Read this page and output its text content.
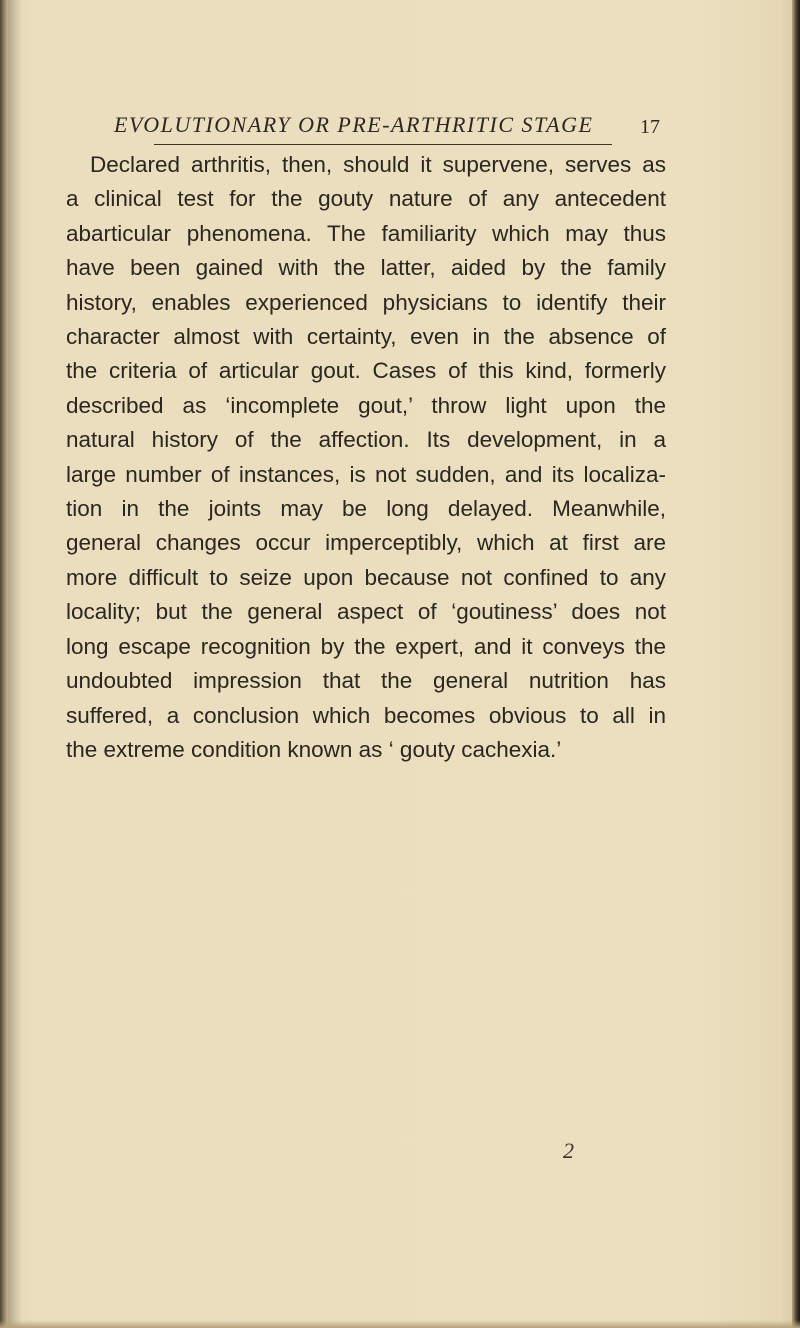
EVOLUTIONARY OR PRE-ARTHRITIC STAGE 17
Declared arthritis, then, should it supervene, serves as
a clinical test for the gouty nature of any antecedent
abarticular phenomena. The familiarity which may thus
have been gained with the latter, aided by the family
history, enables experienced physicians to identify their
character almost with certainty, even in the absence of
the criteria of articular gout. Cases of this kind, formerly
described as ‘incomplete gout,’ throw light upon the
natural history of the affection. Its development, in a
large number of instances, is not sudden, and its localiza-
tion in the joints may be long delayed. Meanwhile,
general changes occur imperceptibly, which at first are
more difficult to seize upon because not confined to any
locality; but the general aspect of ‘goutiness’ does not
long escape recognition by the expert, and it conveys the
undoubted impression that the general nutrition has
suffered, a conclusion which becomes obvious to all in
the extreme condition known as ‘ gouty cachexia.’
2
